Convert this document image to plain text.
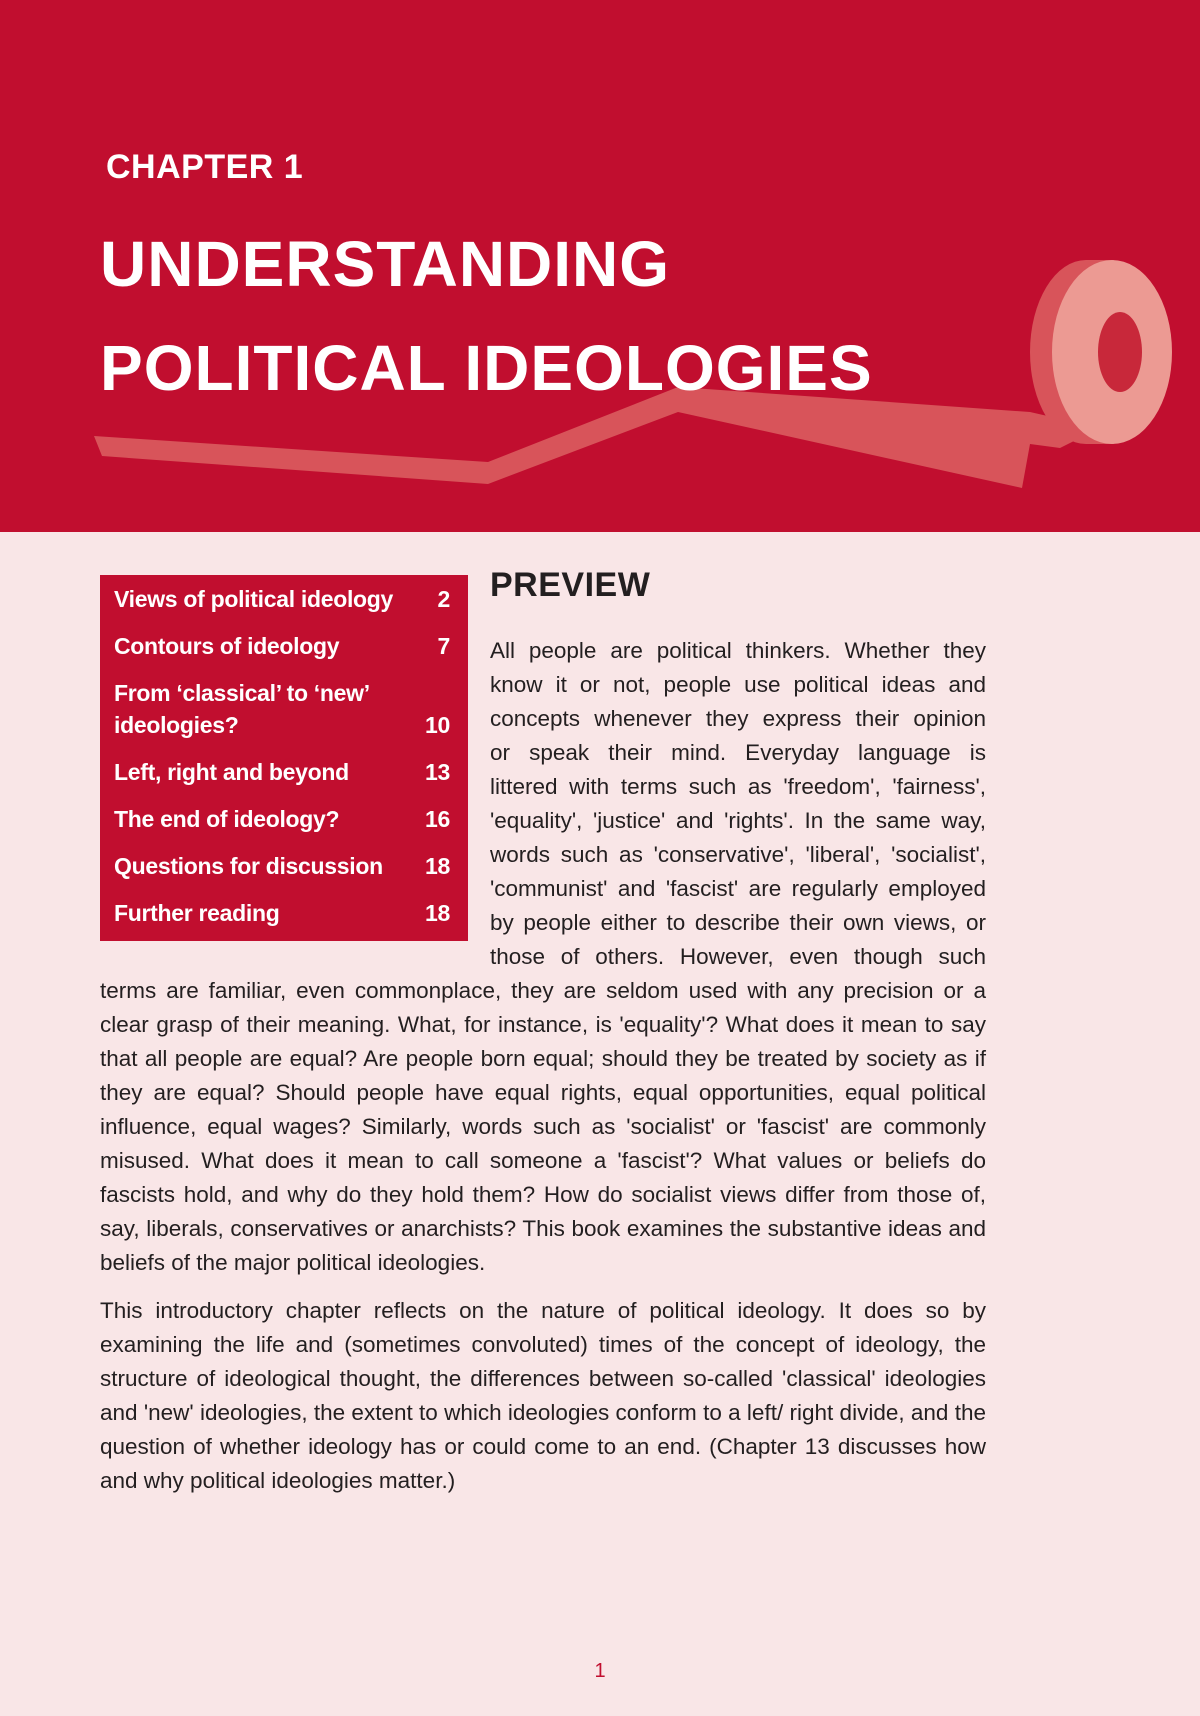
CHAPTER 1
UNDERSTANDING
POLITICAL IDEOLOGIES
Views of political ideology	2
Contours of ideology	7
From ‘classical’ to ‘new’ ideologies?	10
Left, right and beyond	13
The end of ideology?	16
Questions for discussion	18
Further reading	18
PREVIEW
All people are political thinkers. Whether they
know it or not, people use political ideas and
concepts whenever they express their opinion
or speak their mind. Everyday language is
littered with terms such as 'freedom', 'fairness',
'equality', 'justice' and 'rights'. In the same way,
words such as 'conservative', 'liberal', 'socialist',
'communist' and 'fascist' are regularly employed
by people either to describe their own views, or
those of others. However, even though such

terms are familiar, even commonplace, they are seldom used with any precision or a clear grasp of their meaning. What, for instance, is 'equality'? What does it mean to say that all people are equal? Are people born equal; should they be treated by society as if they are equal? Should people have equal rights, equal opportunities, equal political influence, equal wages? Similarly, words such as 'socialist' or 'fascist' are commonly misused. What does it mean to call someone a 'fascist'? What values or beliefs do fascists hold, and why do they hold them? How do socialist views differ from those of, say, liberals, conservatives or anarchists? This book examines the substantive ideas and beliefs of the major political ideologies.

This introductory chapter reflects on the nature of political ideology. It does so by examining the life and (sometimes convoluted) times of the concept of ideology, the structure of ideological thought, the differences between so-called 'classical' ideologies and 'new' ideologies, the extent to which ideologies conform to a left/ right divide, and the question of whether ideology has or could come to an end. (Chapter 13 discusses how and why political ideologies matter.)

1
